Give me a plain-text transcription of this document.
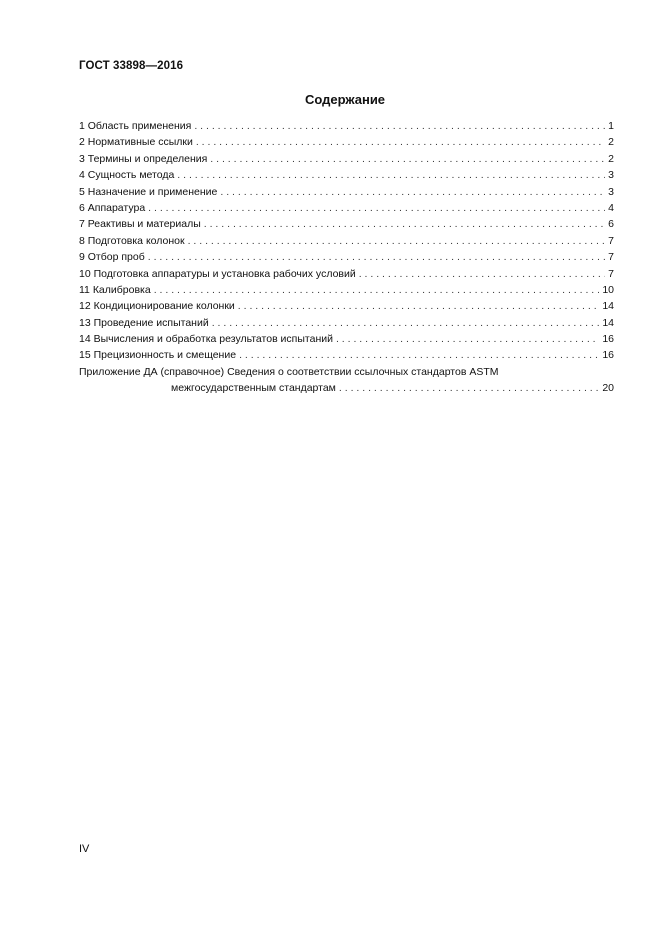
ГОСТ 33898—2016
Содержание
1 Область применения . . .	1
2 Нормативные ссылки . . .	2
3 Термины и определения . . .	2
4 Сущность метода . . .	3
5 Назначение и применение . . .	3
6 Аппаратура . . .	4
7 Реактивы и материалы . . .	6
8 Подготовка колонок . . .	7
9 Отбор проб . . .	7
10 Подготовка аппаратуры и установка рабочих условий . . .	7
11 Калибровка . . .	10
12 Кондиционирование колонки . . .	14
13 Проведение испытаний . . .	14
14 Вычисления и обработка результатов испытаний . . .	16
15 Прецизионность и смещение . . .	16
Приложение ДА (справочное) Сведения о соответствии ссылочных стандартов ASTM
межгосударственным стандартам . . .	20
IV
